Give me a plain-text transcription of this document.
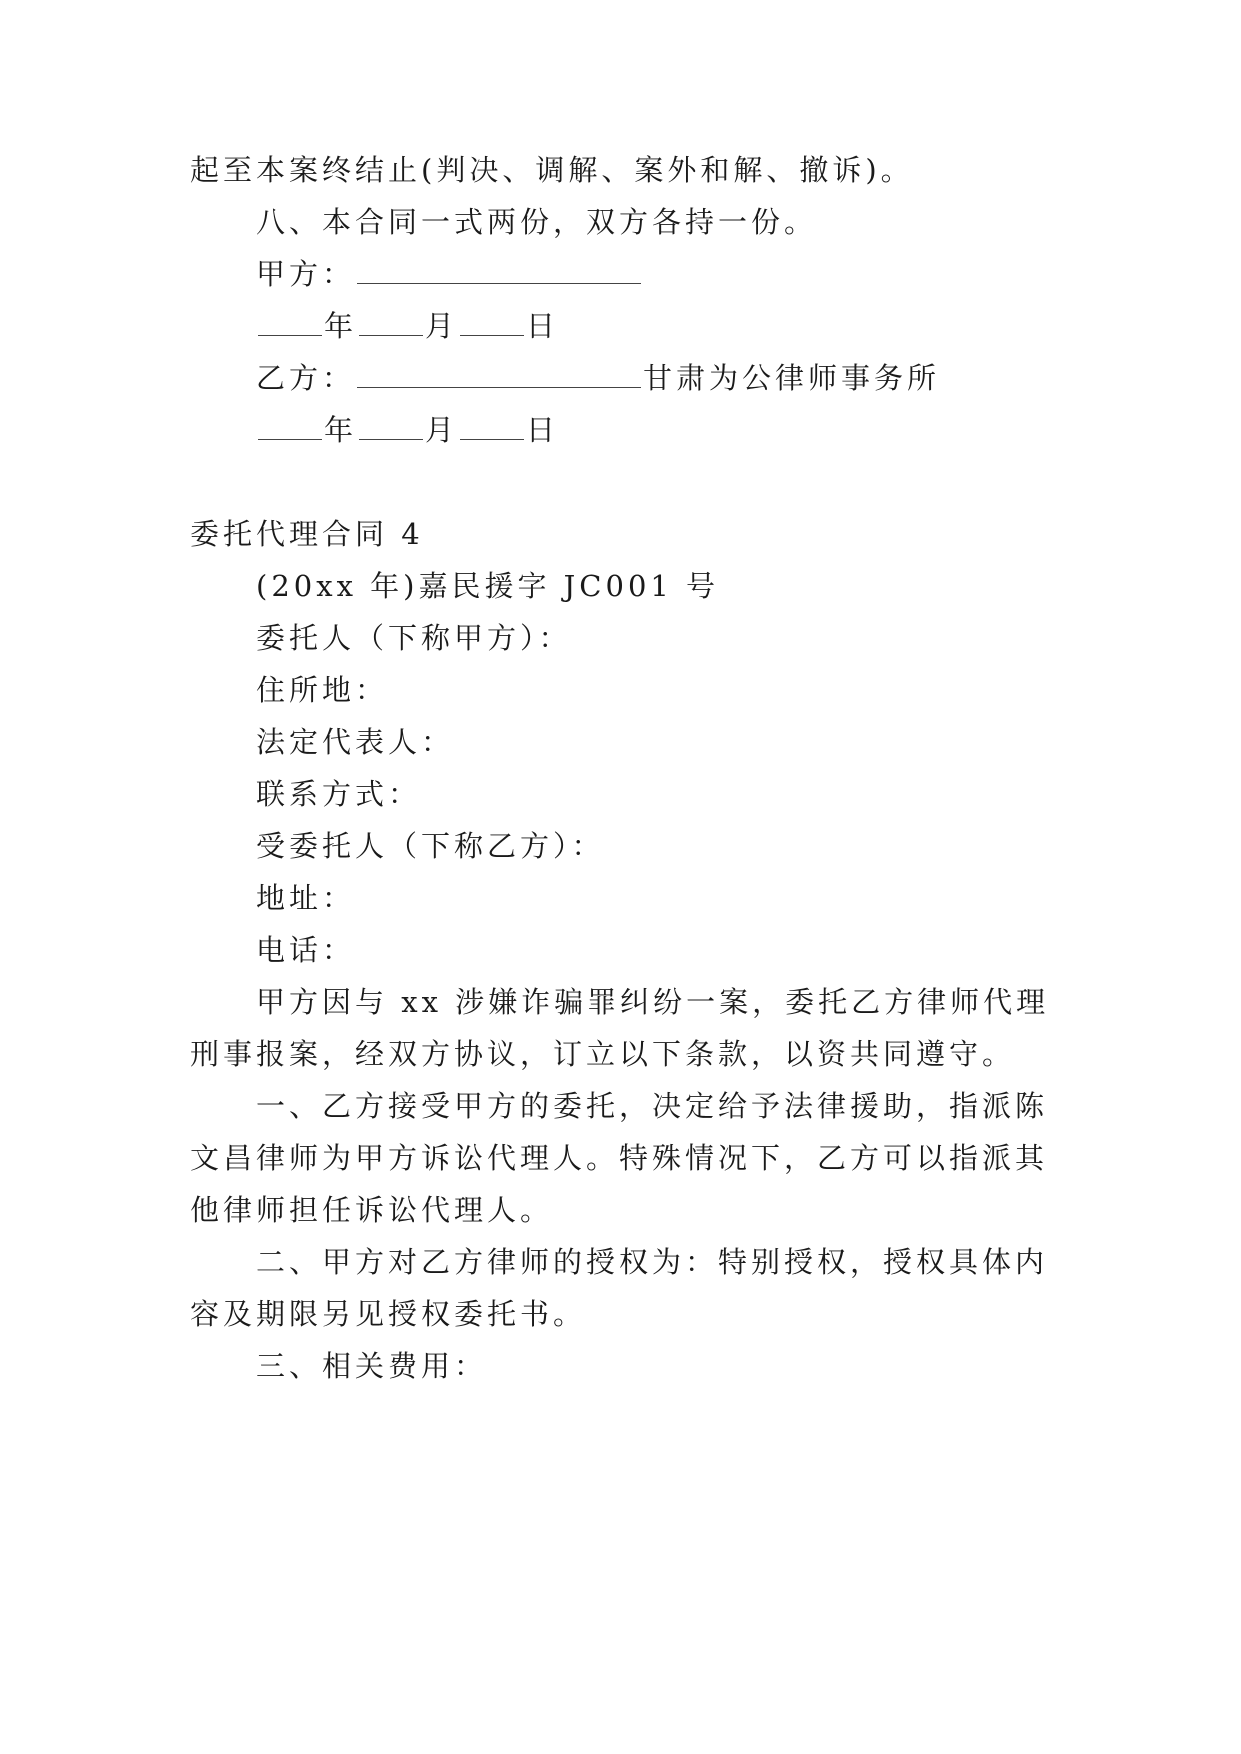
起至本案终结止(判决、调解、案外和解、撤诉)。
八、本合同一式两份，双方各持一份。
甲方：
年 月 日
乙方：	甘肃为公律师事务所
年 月 日
委托代理合同 4
(20xx 年)嘉民援字 JC001 号
委托人（下称甲方）：
住所地：
法定代表人：
联系方式：
受委托人（下称乙方）：
地址：
电话：
甲方因与 xx 涉嫌诈骗罪纠纷一案，委托乙方律师代理
刑事报案，经双方协议，订立以下条款，以资共同遵守。
一、乙方接受甲方的委托，决定给予法律援助，指派陈
文昌律师为甲方诉讼代理人。特殊情况下，乙方可以指派其
他律师担任诉讼代理人。
二、甲方对乙方律师的授权为：特别授权，授权具体内
容及期限另见授权委托书。
三、相关费用：
